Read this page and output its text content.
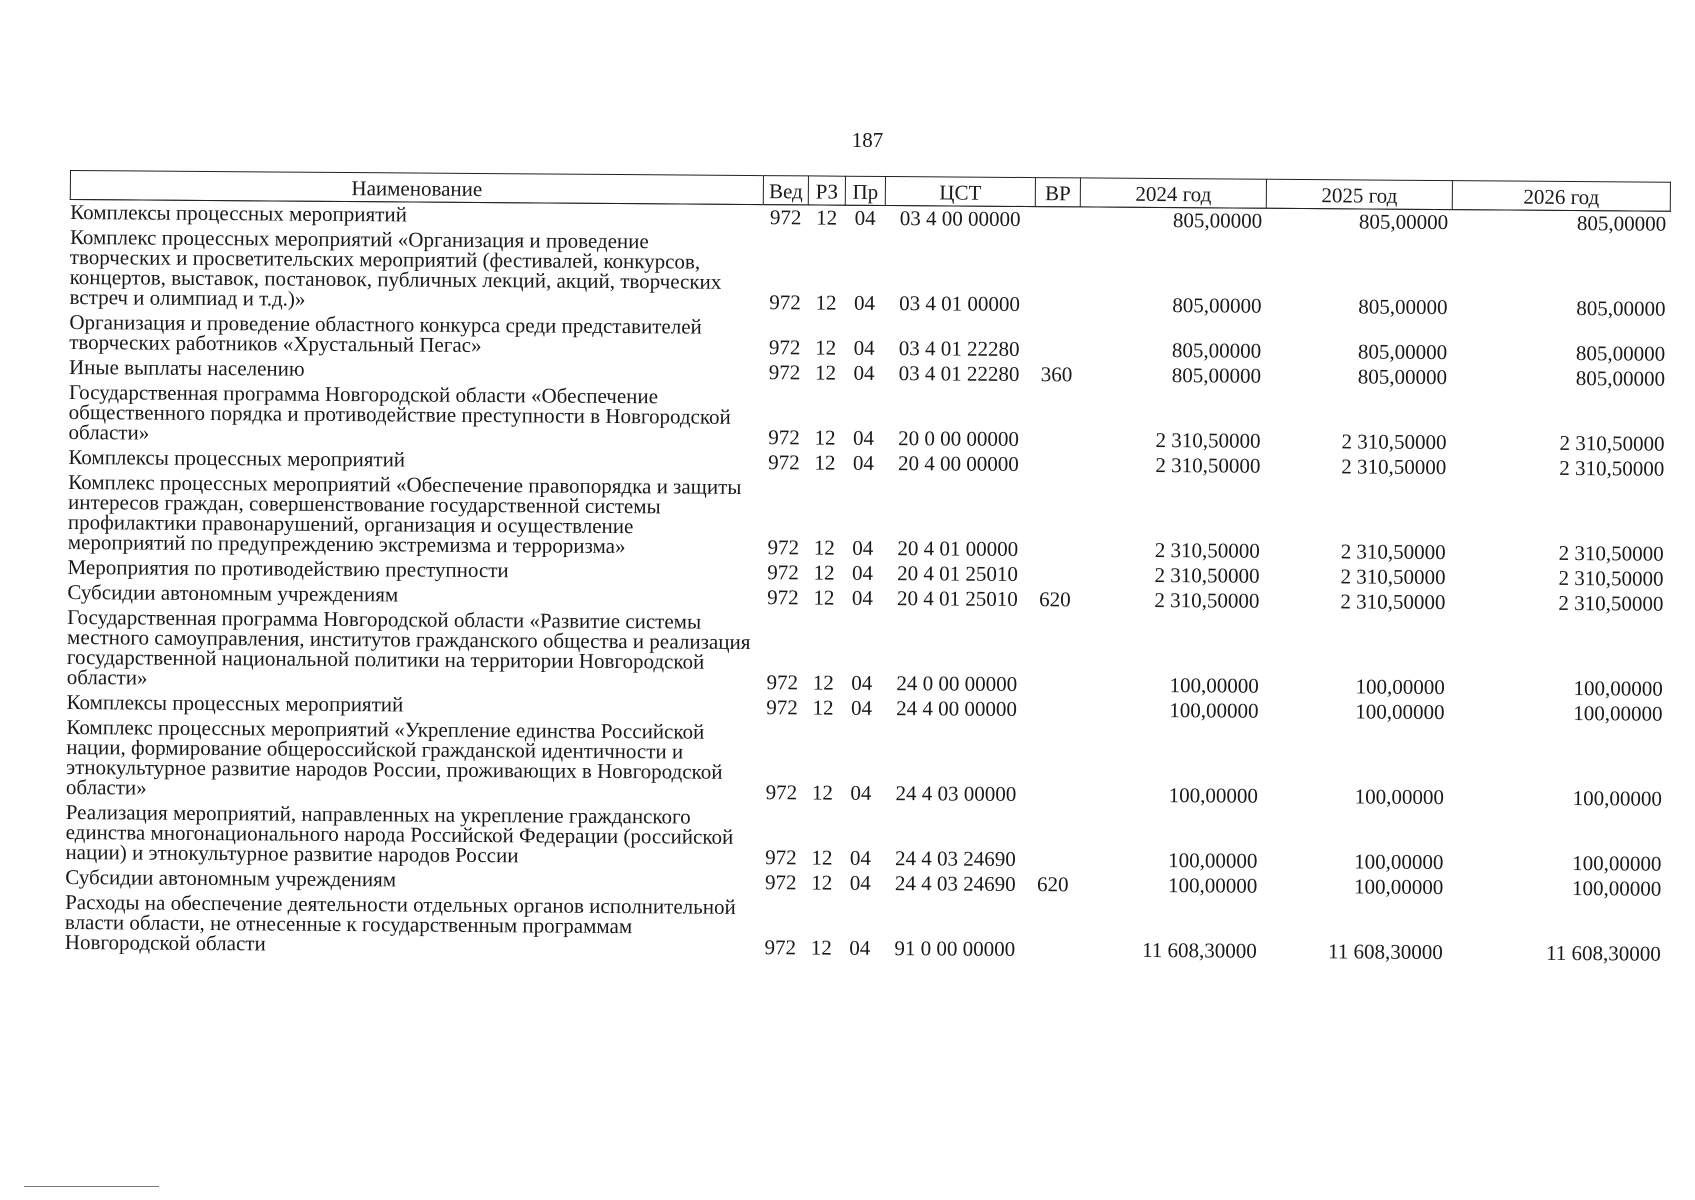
187
Наименование	Вед	РЗ	Пр	ЦСТ	ВР	2024 год	2025 год	2026 год
Комплексы процессных мероприятий	972	12	04	03 4 00 00000		805,00000	805,00000	805,00000
Комплекс процессных мероприятий «Организация и проведение творческих и просветительских мероприятий (фестивалей, конкурсов, концертов, выставок, постановок, публичных лекций, акций, творческих встреч и олимпиад и т.д.)»	972	12	04	03 4 01 00000		805,00000	805,00000	805,00000
Организация и проведение областного конкурса среди представителей творческих работников «Хрустальный Пегас»	972	12	04	03 4 01 22280		805,00000	805,00000	805,00000
Иные выплаты населению	972	12	04	03 4 01 22280	360	805,00000	805,00000	805,00000
Государственная программа Новгородской области «Обеспечение общественного порядка и противодействие преступности в Новгородской области»	972	12	04	20 0 00 00000		2 310,50000	2 310,50000	2 310,50000
Комплексы процессных мероприятий	972	12	04	20 4 00 00000		2 310,50000	2 310,50000	2 310,50000
Комплекс процессных мероприятий «Обеспечение правопорядка и защиты интересов граждан, совершенствование государственной системы профилактики правонарушений, организация и осуществление мероприятий по предупреждению экстремизма и терроризма»	972	12	04	20 4 01 00000		2 310,50000	2 310,50000	2 310,50000
Мероприятия по противодействию преступности	972	12	04	20 4 01 25010		2 310,50000	2 310,50000	2 310,50000
Субсидии автономным учреждениям	972	12	04	20 4 01 25010	620	2 310,50000	2 310,50000	2 310,50000
Государственная программа Новгородской области «Развитие системы местного самоуправления, институтов гражданского общества и реализация государственной национальной политики на территории Новгородской области»	972	12	04	24 0 00 00000		100,00000	100,00000	100,00000
Комплексы процессных мероприятий	972	12	04	24 4 00 00000		100,00000	100,00000	100,00000
Комплекс процессных мероприятий «Укрепление единства Российской нации, формирование общероссийской гражданской идентичности и этнокультурное развитие народов России, проживающих в Новгородской области»	972	12	04	24 4 03 00000		100,00000	100,00000	100,00000
Реализация мероприятий, направленных на укрепление гражданского единства многонационального народа Российской Федерации (российской нации) и этнокультурное развитие народов России	972	12	04	24 4 03 24690		100,00000	100,00000	100,00000
Субсидии автономным учреждениям	972	12	04	24 4 03 24690	620	100,00000	100,00000	100,00000
Расходы на обеспечение деятельности отдельных органов исполнительной власти области, не отнесенные к государственным программам Новгородской области	972	12	04	91 0 00 00000		11 608,30000	11 608,30000	11 608,30000
